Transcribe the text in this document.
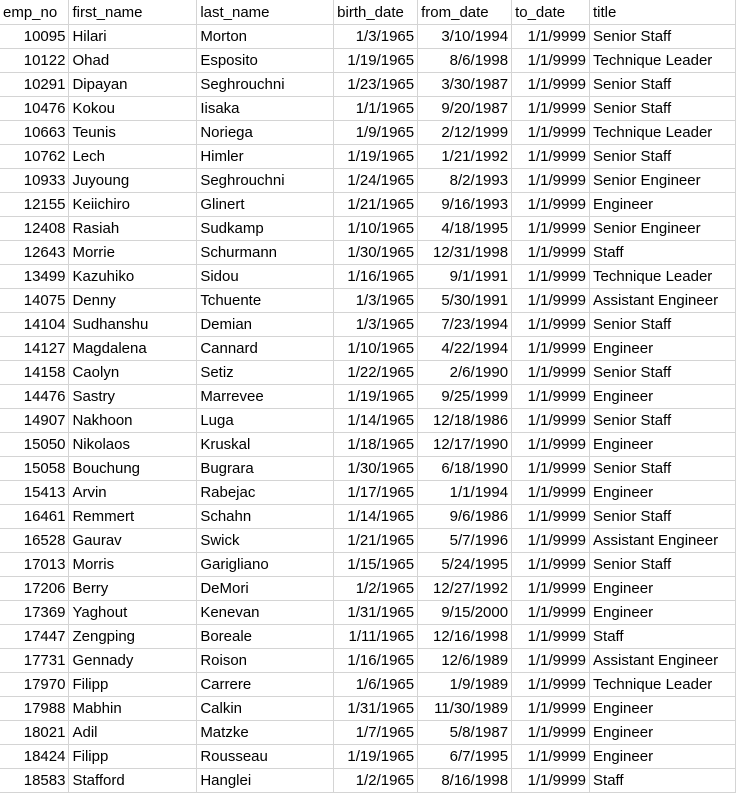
emp_no	first_name	last_name	birth_date	from_date	to_date	title
10095	Hilari	Morton	1/3/1965	3/10/1994	1/1/9999	Senior Staff
10122	Ohad	Esposito	1/19/1965	8/6/1998	1/1/9999	Technique Leader
10291	Dipayan	Seghrouchni	1/23/1965	3/30/1987	1/1/9999	Senior Staff
10476	Kokou	Iisaka	1/1/1965	9/20/1987	1/1/9999	Senior Staff
10663	Teunis	Noriega	1/9/1965	2/12/1999	1/1/9999	Technique Leader
10762	Lech	Himler	1/19/1965	1/21/1992	1/1/9999	Senior Staff
10933	Juyoung	Seghrouchni	1/24/1965	8/2/1993	1/1/9999	Senior Engineer
12155	Keiichiro	Glinert	1/21/1965	9/16/1993	1/1/9999	Engineer
12408	Rasiah	Sudkamp	1/10/1965	4/18/1995	1/1/9999	Senior Engineer
12643	Morrie	Schurmann	1/30/1965	12/31/1998	1/1/9999	Staff
13499	Kazuhiko	Sidou	1/16/1965	9/1/1991	1/1/9999	Technique Leader
14075	Denny	Tchuente	1/3/1965	5/30/1991	1/1/9999	Assistant Engineer
14104	Sudhanshu	Demian	1/3/1965	7/23/1994	1/1/9999	Senior Staff
14127	Magdalena	Cannard	1/10/1965	4/22/1994	1/1/9999	Engineer
14158	Caolyn	Setiz	1/22/1965	2/6/1990	1/1/9999	Senior Staff
14476	Sastry	Marrevee	1/19/1965	9/25/1999	1/1/9999	Engineer
14907	Nakhoon	Luga	1/14/1965	12/18/1986	1/1/9999	Senior Staff
15050	Nikolaos	Kruskal	1/18/1965	12/17/1990	1/1/9999	Engineer
15058	Bouchung	Bugrara	1/30/1965	6/18/1990	1/1/9999	Senior Staff
15413	Arvin	Rabejac	1/17/1965	1/1/1994	1/1/9999	Engineer
16461	Remmert	Schahn	1/14/1965	9/6/1986	1/1/9999	Senior Staff
16528	Gaurav	Swick	1/21/1965	5/7/1996	1/1/9999	Assistant Engineer
17013	Morris	Garigliano	1/15/1965	5/24/1995	1/1/9999	Senior Staff
17206	Berry	DeMori	1/2/1965	12/27/1992	1/1/9999	Engineer
17369	Yaghout	Kenevan	1/31/1965	9/15/2000	1/1/9999	Engineer
17447	Zengping	Boreale	1/11/1965	12/16/1998	1/1/9999	Staff
17731	Gennady	Roison	1/16/1965	12/6/1989	1/1/9999	Assistant Engineer
17970	Filipp	Carrere	1/6/1965	1/9/1989	1/1/9999	Technique Leader
17988	Mabhin	Calkin	1/31/1965	11/30/1989	1/1/9999	Engineer
18021	Adil	Matzke	1/7/1965	5/8/1987	1/1/9999	Engineer
18424	Filipp	Rousseau	1/19/1965	6/7/1995	1/1/9999	Engineer
18583	Stafford	Hanglei	1/2/1965	8/16/1998	1/1/9999	Staff
